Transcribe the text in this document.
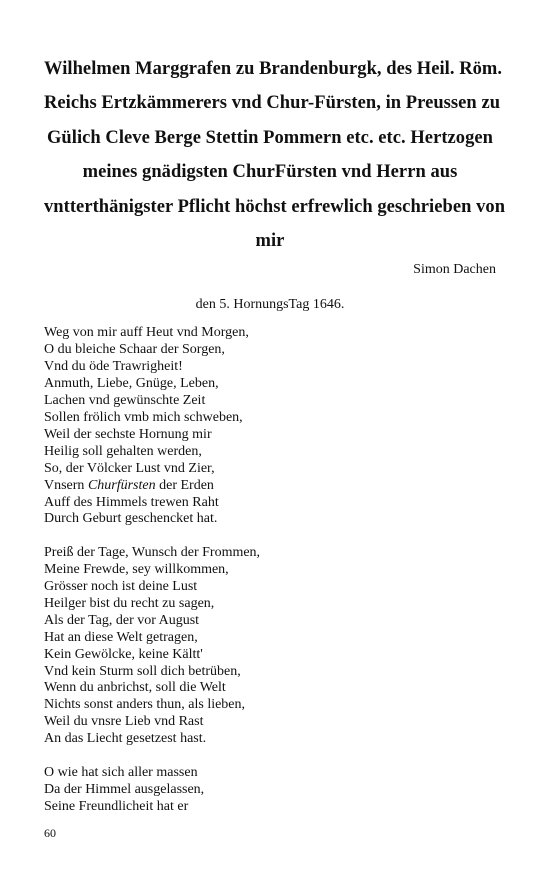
Wilhelmen Marggrafen zu Brandenburgk, des Heil. Röm.
Reichs Ertzkämmerers vnd Chur-Fürsten, in Preussen zu
Gülich Cleve Berge Stettin Pommern etc. etc. Hertzogen
meines gnädigsten ChurFürsten vnd Herrn aus
vntterthänigster Pflicht höchst erfrewlich geschrieben von
mir
Simon Dachen
den 5. HornungsTag 1646.
Weg von mir auff Heut vnd Morgen,
O du bleiche Schaar der Sorgen,
Vnd du öde Trawrigheit!
Anmuth, Liebe, Gnüge, Leben,
Lachen vnd gewünschte Zeit
Sollen frölich vmb mich schweben,
Weil der sechste Hornung mir
Heilig soll gehalten werden,
So, der Völcker Lust vnd Zier,
Vnsern Churfürsten der Erden
Auff des Himmels trewen Raht
Durch Geburt geschencket hat.
Preiß der Tage, Wunsch der Frommen,
Meine Frewde, sey willkommen,
Grösser noch ist deine Lust
Heilger bist du recht zu sagen,
Als der Tag, der vor August
Hat an diese Welt getragen,
Kein Gewölcke, keine Kältt'
Vnd kein Sturm soll dich betrüben,
Wenn du anbrichst, soll die Welt
Nichts sonst anders thun, als lieben,
Weil du vnsre Lieb vnd Rast
An das Liecht gesetzest hast.
O wie hat sich aller massen
Da der Himmel ausgelassen,
Seine Freundlicheit hat er
60
